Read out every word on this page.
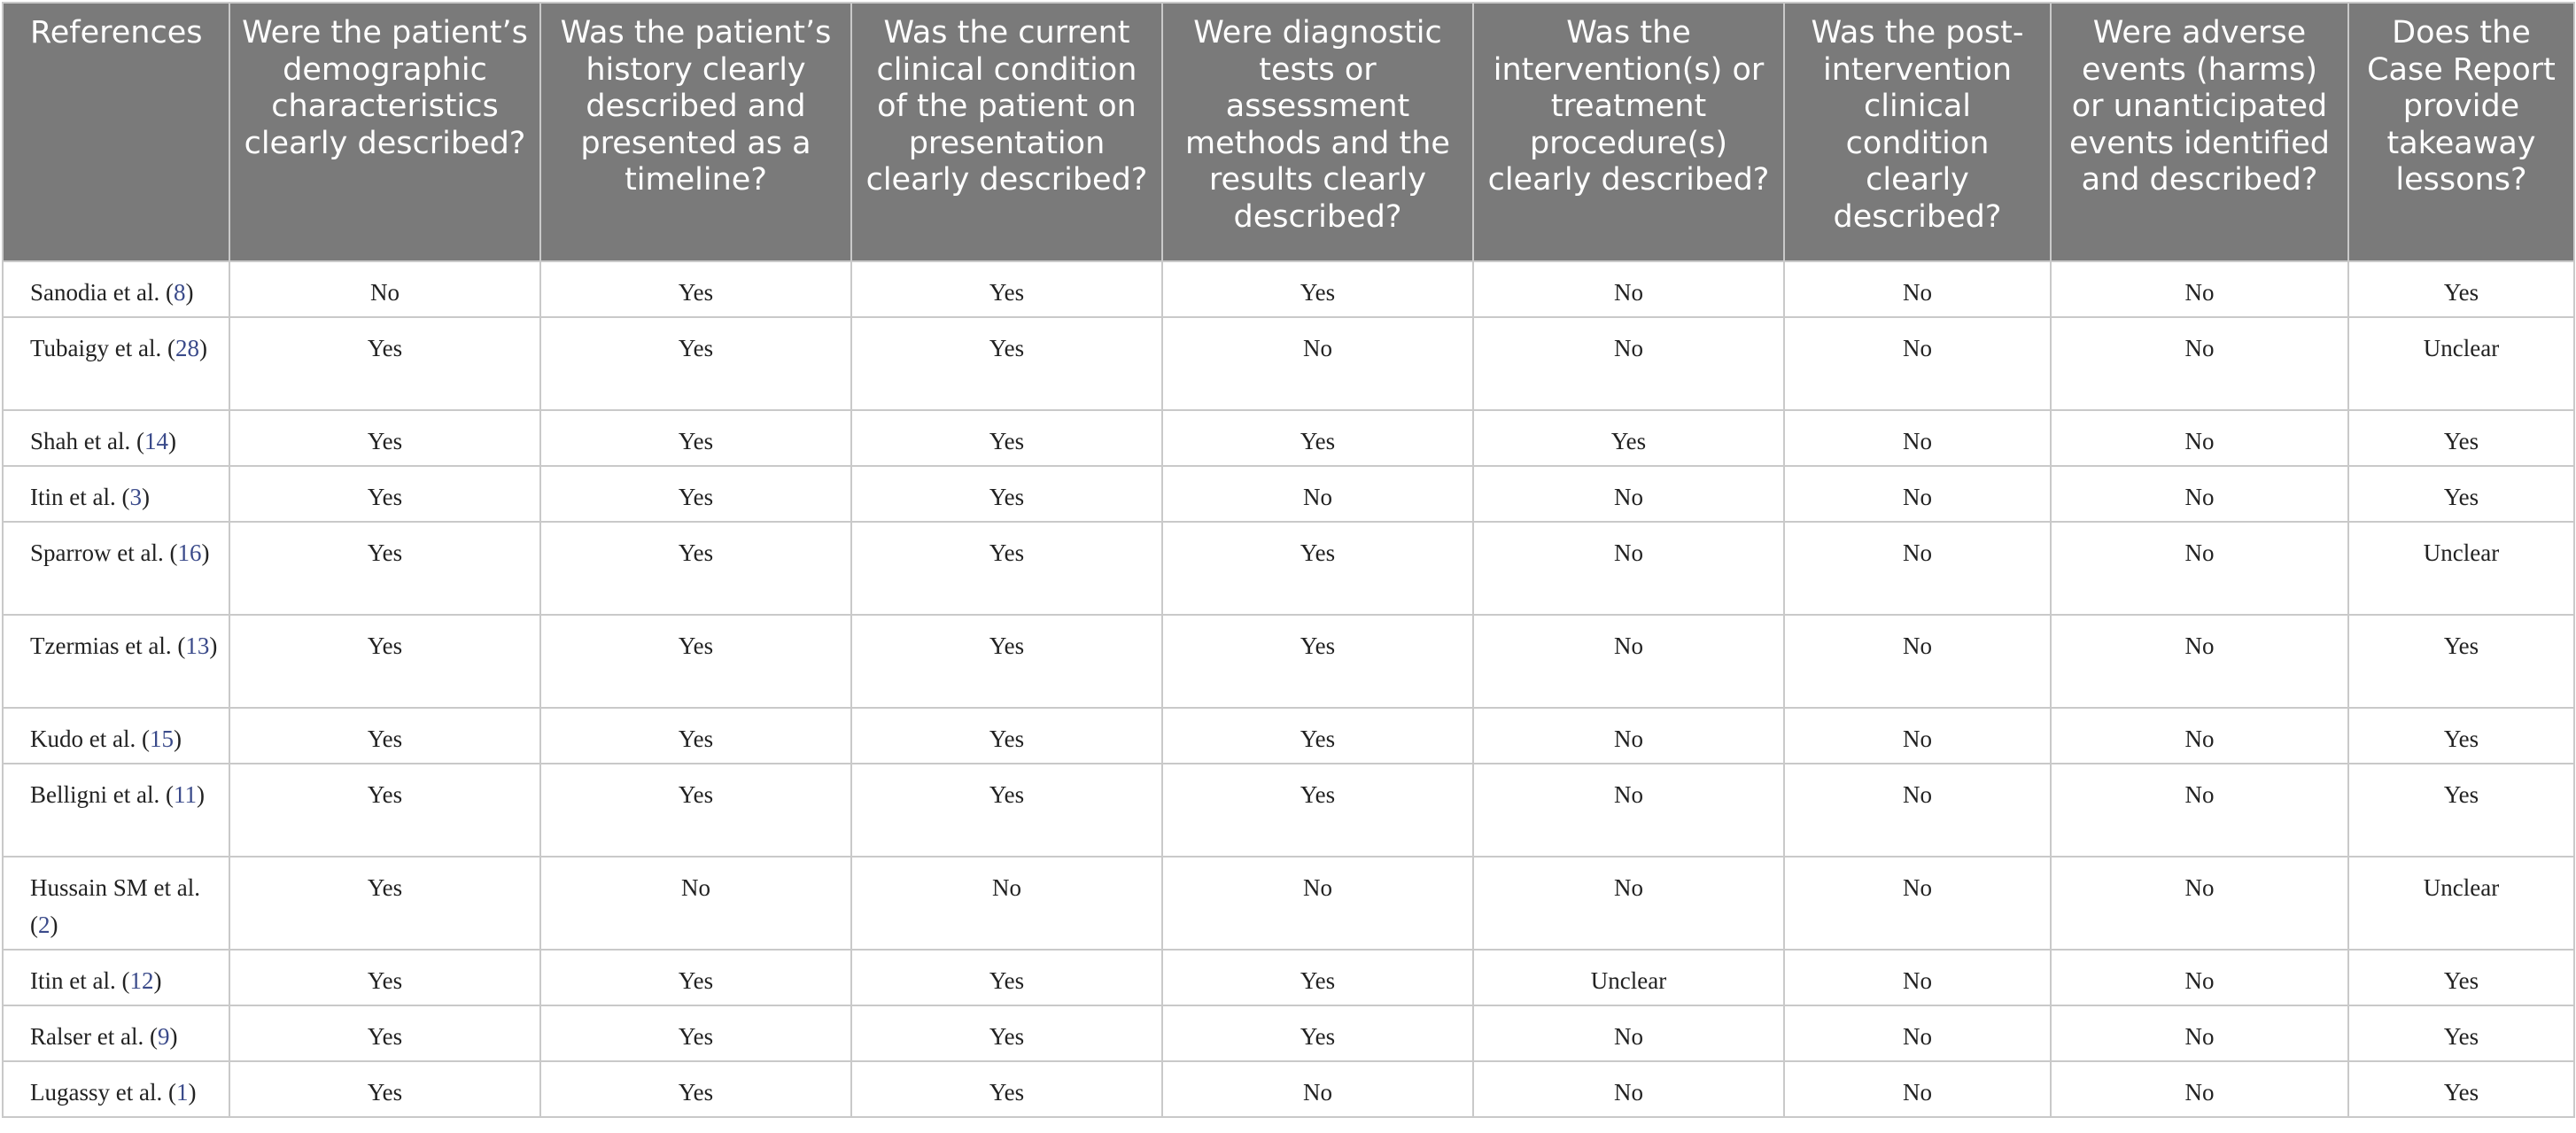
References	Were the patient’s demographic characteristics clearly described?	Was the patient’s history clearly described and presented as a timeline?	Was the current clinical condition of the patient on presentation clearly described?	Were diagnostic tests or assessment methods and the results clearly described?	Was the intervention(s) or treatment procedure(s) clearly described?	Was the post-intervention clinical condition clearly described?	Were adverse events (harms) or unanticipated events identified and described?	Does the Case Report provide takeaway lessons?
Sanodia et al. (8)	No	Yes	Yes	Yes	No	No	No	Yes
Tubaigy et al. (28)	Yes	Yes	Yes	No	No	No	No	Unclear
Shah et al. (14)	Yes	Yes	Yes	Yes	Yes	No	No	Yes
Itin et al. (3)	Yes	Yes	Yes	No	No	No	No	Yes
Sparrow et al. (16)	Yes	Yes	Yes	Yes	No	No	No	Unclear
Tzermias et al. (13)	Yes	Yes	Yes	Yes	No	No	No	Yes
Kudo et al. (15)	Yes	Yes	Yes	Yes	No	No	No	Yes
Belligni et al. (11)	Yes	Yes	Yes	Yes	No	No	No	Yes
Hussain SM et al. (2)	Yes	No	No	No	No	No	No	Unclear
Itin et al. (12)	Yes	Yes	Yes	Yes	Unclear	No	No	Yes
Ralser et al. (9)	Yes	Yes	Yes	Yes	No	No	No	Yes
Lugassy et al. (1)	Yes	Yes	Yes	No	No	No	No	Yes
